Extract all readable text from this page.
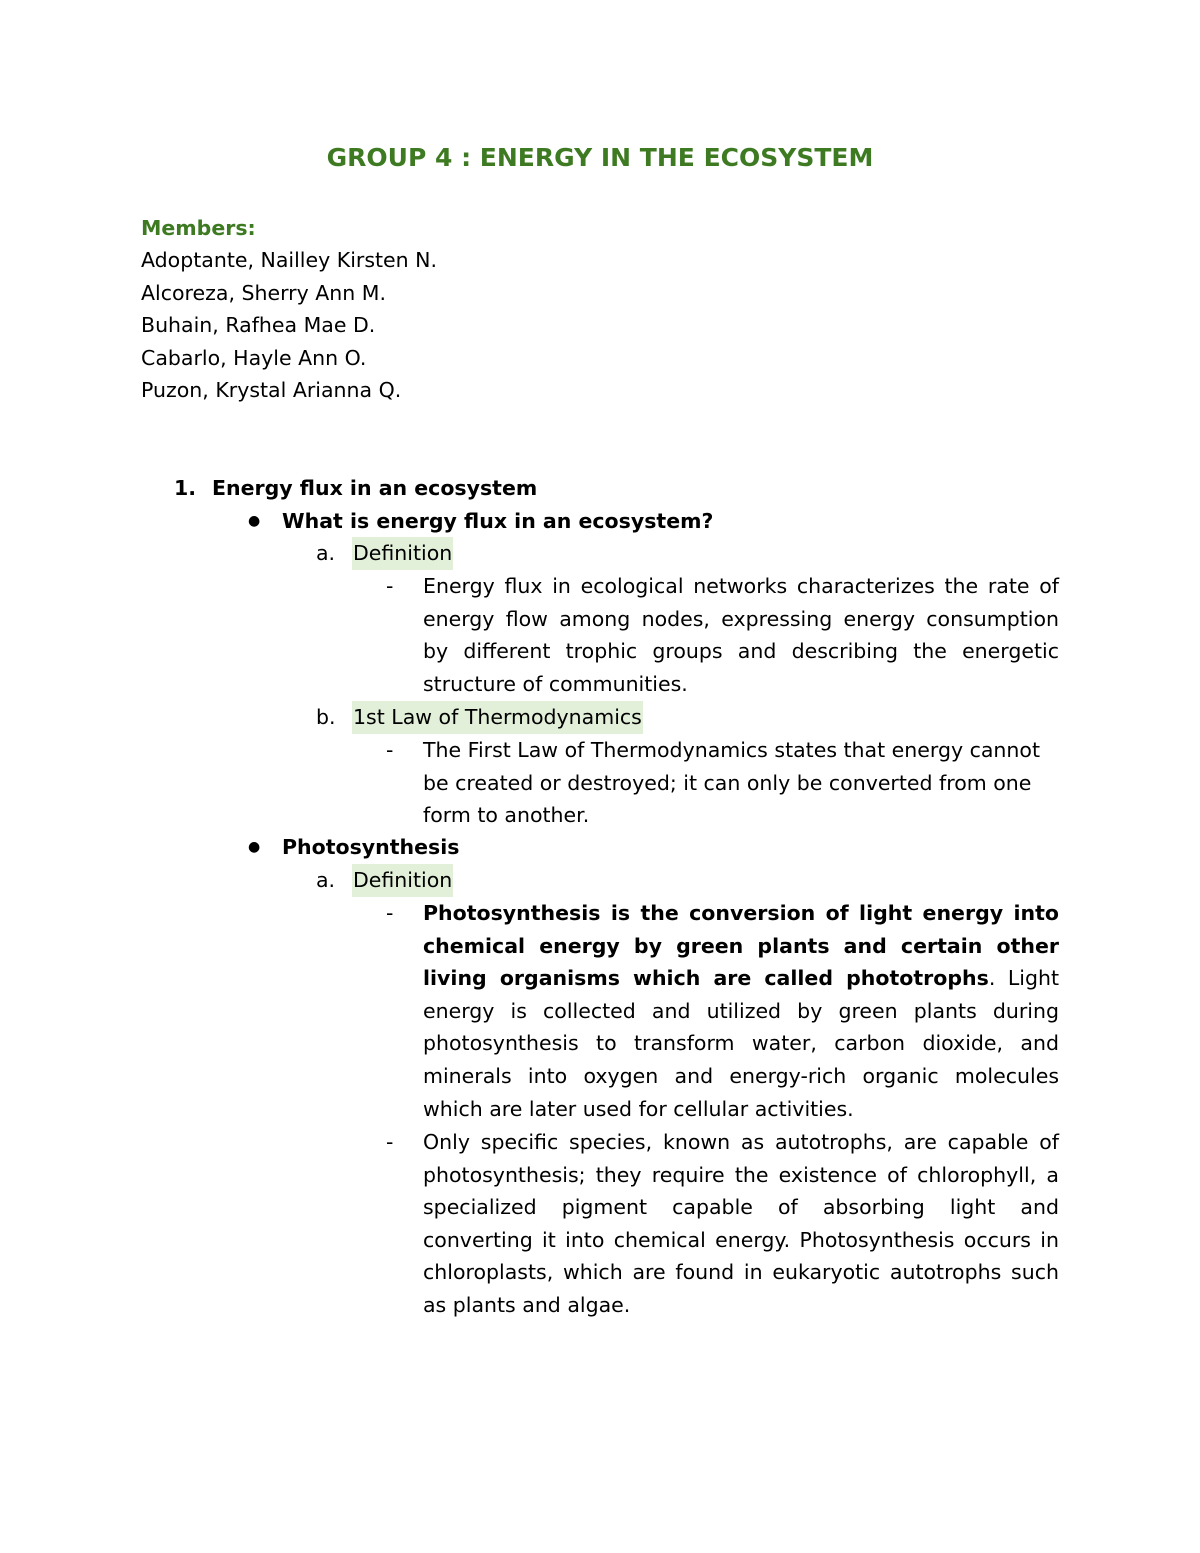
GROUP 4 : ENERGY IN THE ECOSYSTEM
Members:
Adoptante, Nailley Kirsten N.
Alcoreza, Sherry Ann M.
Buhain, Rafhea Mae D.
Cabarlo, Hayle Ann O.
Puzon, Krystal Arianna Q.
1. Energy flux in an ecosystem
● What is energy flux in an ecosystem?
a. Definition
- Energy flux in ecological networks characterizes the rate of energy flow among nodes, expressing energy consumption by different trophic groups and describing the energetic structure of communities.

b. 1st Law of Thermodynamics
- The First Law of Thermodynamics states that energy cannot be created or destroyed; it can only be converted from one form to another.

● Photosynthesis
a. Definition
- Photosynthesis is the conversion of light energy into chemical energy by green plants and certain other living organisms which are called phototrophs. Light energy is collected and utilized by green plants during photosynthesis to transform water, carbon dioxide, and minerals into oxygen and energy-rich organic molecules which are later used for cellular activities.

- Only specific species, known as autotrophs, are capable of photosynthesis; they require the existence of chlorophyll, a specialized pigment capable of absorbing light and converting it into chemical energy. Photosynthesis occurs in chloroplasts, which are found in eukaryotic autotrophs such as plants and algae.
